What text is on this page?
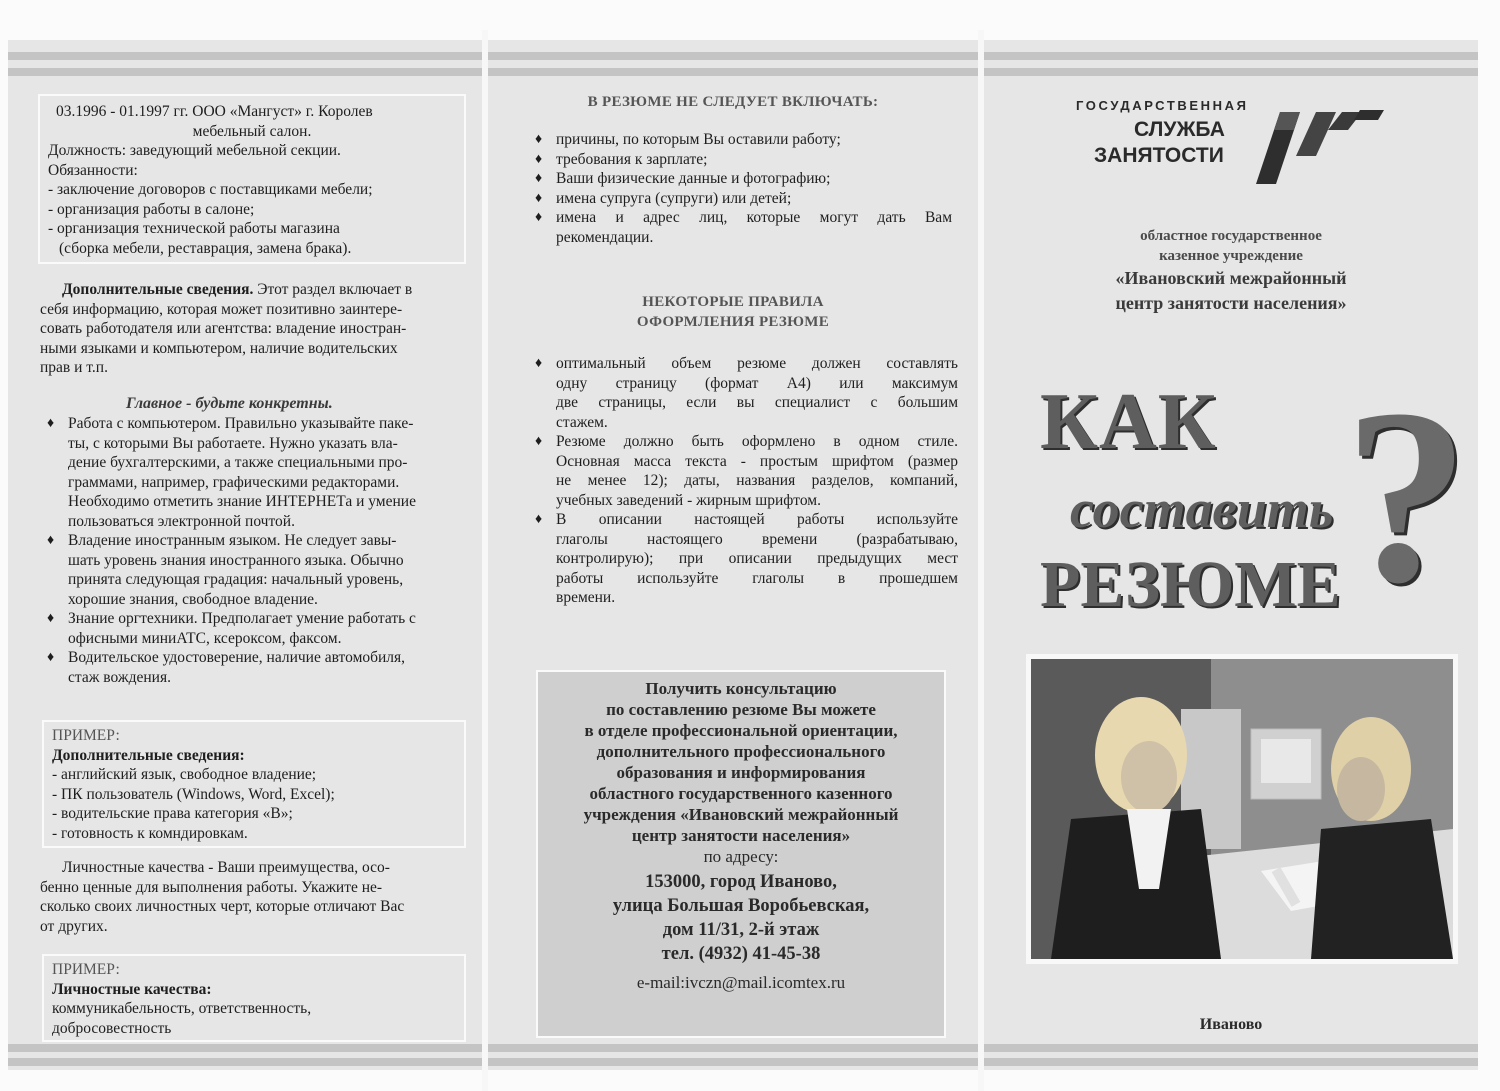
03.1996 - 01.1997 гг. ООО «Мангуст» г. Королев
мебельный салон.
Должность: заведующий мебельной секции.
Обязанности:
- заключение договоров с поставщиками мебели;
- организация работы в салоне;
- организация технической работы магазина
(сборка мебели, реставрация, замена брака).
Дополнительные сведения. Этот раздел включает в
себя информацию, которая может позитивно заинтере-
совать работодателя или агентства: владение иностран-
ными языками и компьютером, наличие водительских
прав и т.п.
Главное - будьте конкретны.
♦ Работа с компьютером. Правильно указывайте паке-
ты, с которыми Вы работаете. Нужно указать вла-
дение бухгалтерскими, а также специальными про-
граммами, например, графическими редакторами.
Необходимо отметить знание ИНТЕРНЕТа и умение
пользоваться электронной почтой.
♦ Владение иностранным языком. Не следует завы-
шать уровень знания иностранного языка. Обычно
принята следующая градация: начальный уровень,
хорошие знания, свободное владение.
♦ Знание оргтехники. Предполагает умение работать с
офисными миниАТС, ксероксом, факсом.
♦ Водительское удостоверение, наличие автомобиля,
стаж вождения.
ПРИМЕР:
Дополнительные сведения:
- английский язык, свободное владение;
- ПК пользователь (Windows, Word, Excel);
- водительские права категория «B»;
- готовность к комндировкам.
Личностные качества - Ваши преимущества, осо-
бенно ценные для выполнения работы. Укажите не-
сколько своих личностных черт, которые отличают Вас
от других.
ПРИМЕР:
Личностные качества:
коммуникабельность, ответственность,
добросовестность
В РЕЗЮМЕ НЕ СЛЕДУЕТ ВКЛЮЧАТЬ:
♦ причины, по которым Вы оставили работу;
♦ требования к зарплате;
♦ Ваши физические данные и фотографию;
♦ имена супруга (супруги) или детей;
♦ имена и адрес лиц, которые могут дать Вам
рекомендации.
НЕКОТОРЫЕ ПРАВИЛА
ОФОРМЛЕНИЯ РЕЗЮМЕ
♦ оптимальный объем резюме должен составлять
одну страницу (формат А4) или максимум
две страницы, если вы специалист с большим
стажем.
♦ Резюме должно быть оформлено в одном стиле.
Основная масса текста - простым шрифтом (размер
не менее 12); даты, названия разделов, компаний,
учебных заведений - жирным шрифтом.
♦ В описании настоящей работы используйте
глаголы настоящего времени (разрабатываю,
контролирую); при описании предыдущих мест
работы используйте глаголы в прошедшем
времени.
Получить консультацию
по составлению резюме Вы можете
в отделе профессиональной ориентации,
дополнительного профессионального
образования и информирования
областного государственного казенного
учреждения «Ивановский межрайонный
центр занятости населения»
по адресу:
153000, город Иваново,
улица Большая Воробьевская,
дом 11/31, 2-й этаж
тел. (4932) 41-45-38
e-mail:ivczn@mail.icomtex.ru
ГОСУДАРСТВЕННАЯ
СЛУЖБА
ЗАНЯТОСТИ
областное государственное
казенное учреждение
«Ивановский межрайонный
центр занятости населения»
?
КАК
составить
РЕЗЮМЕ
Иваново
